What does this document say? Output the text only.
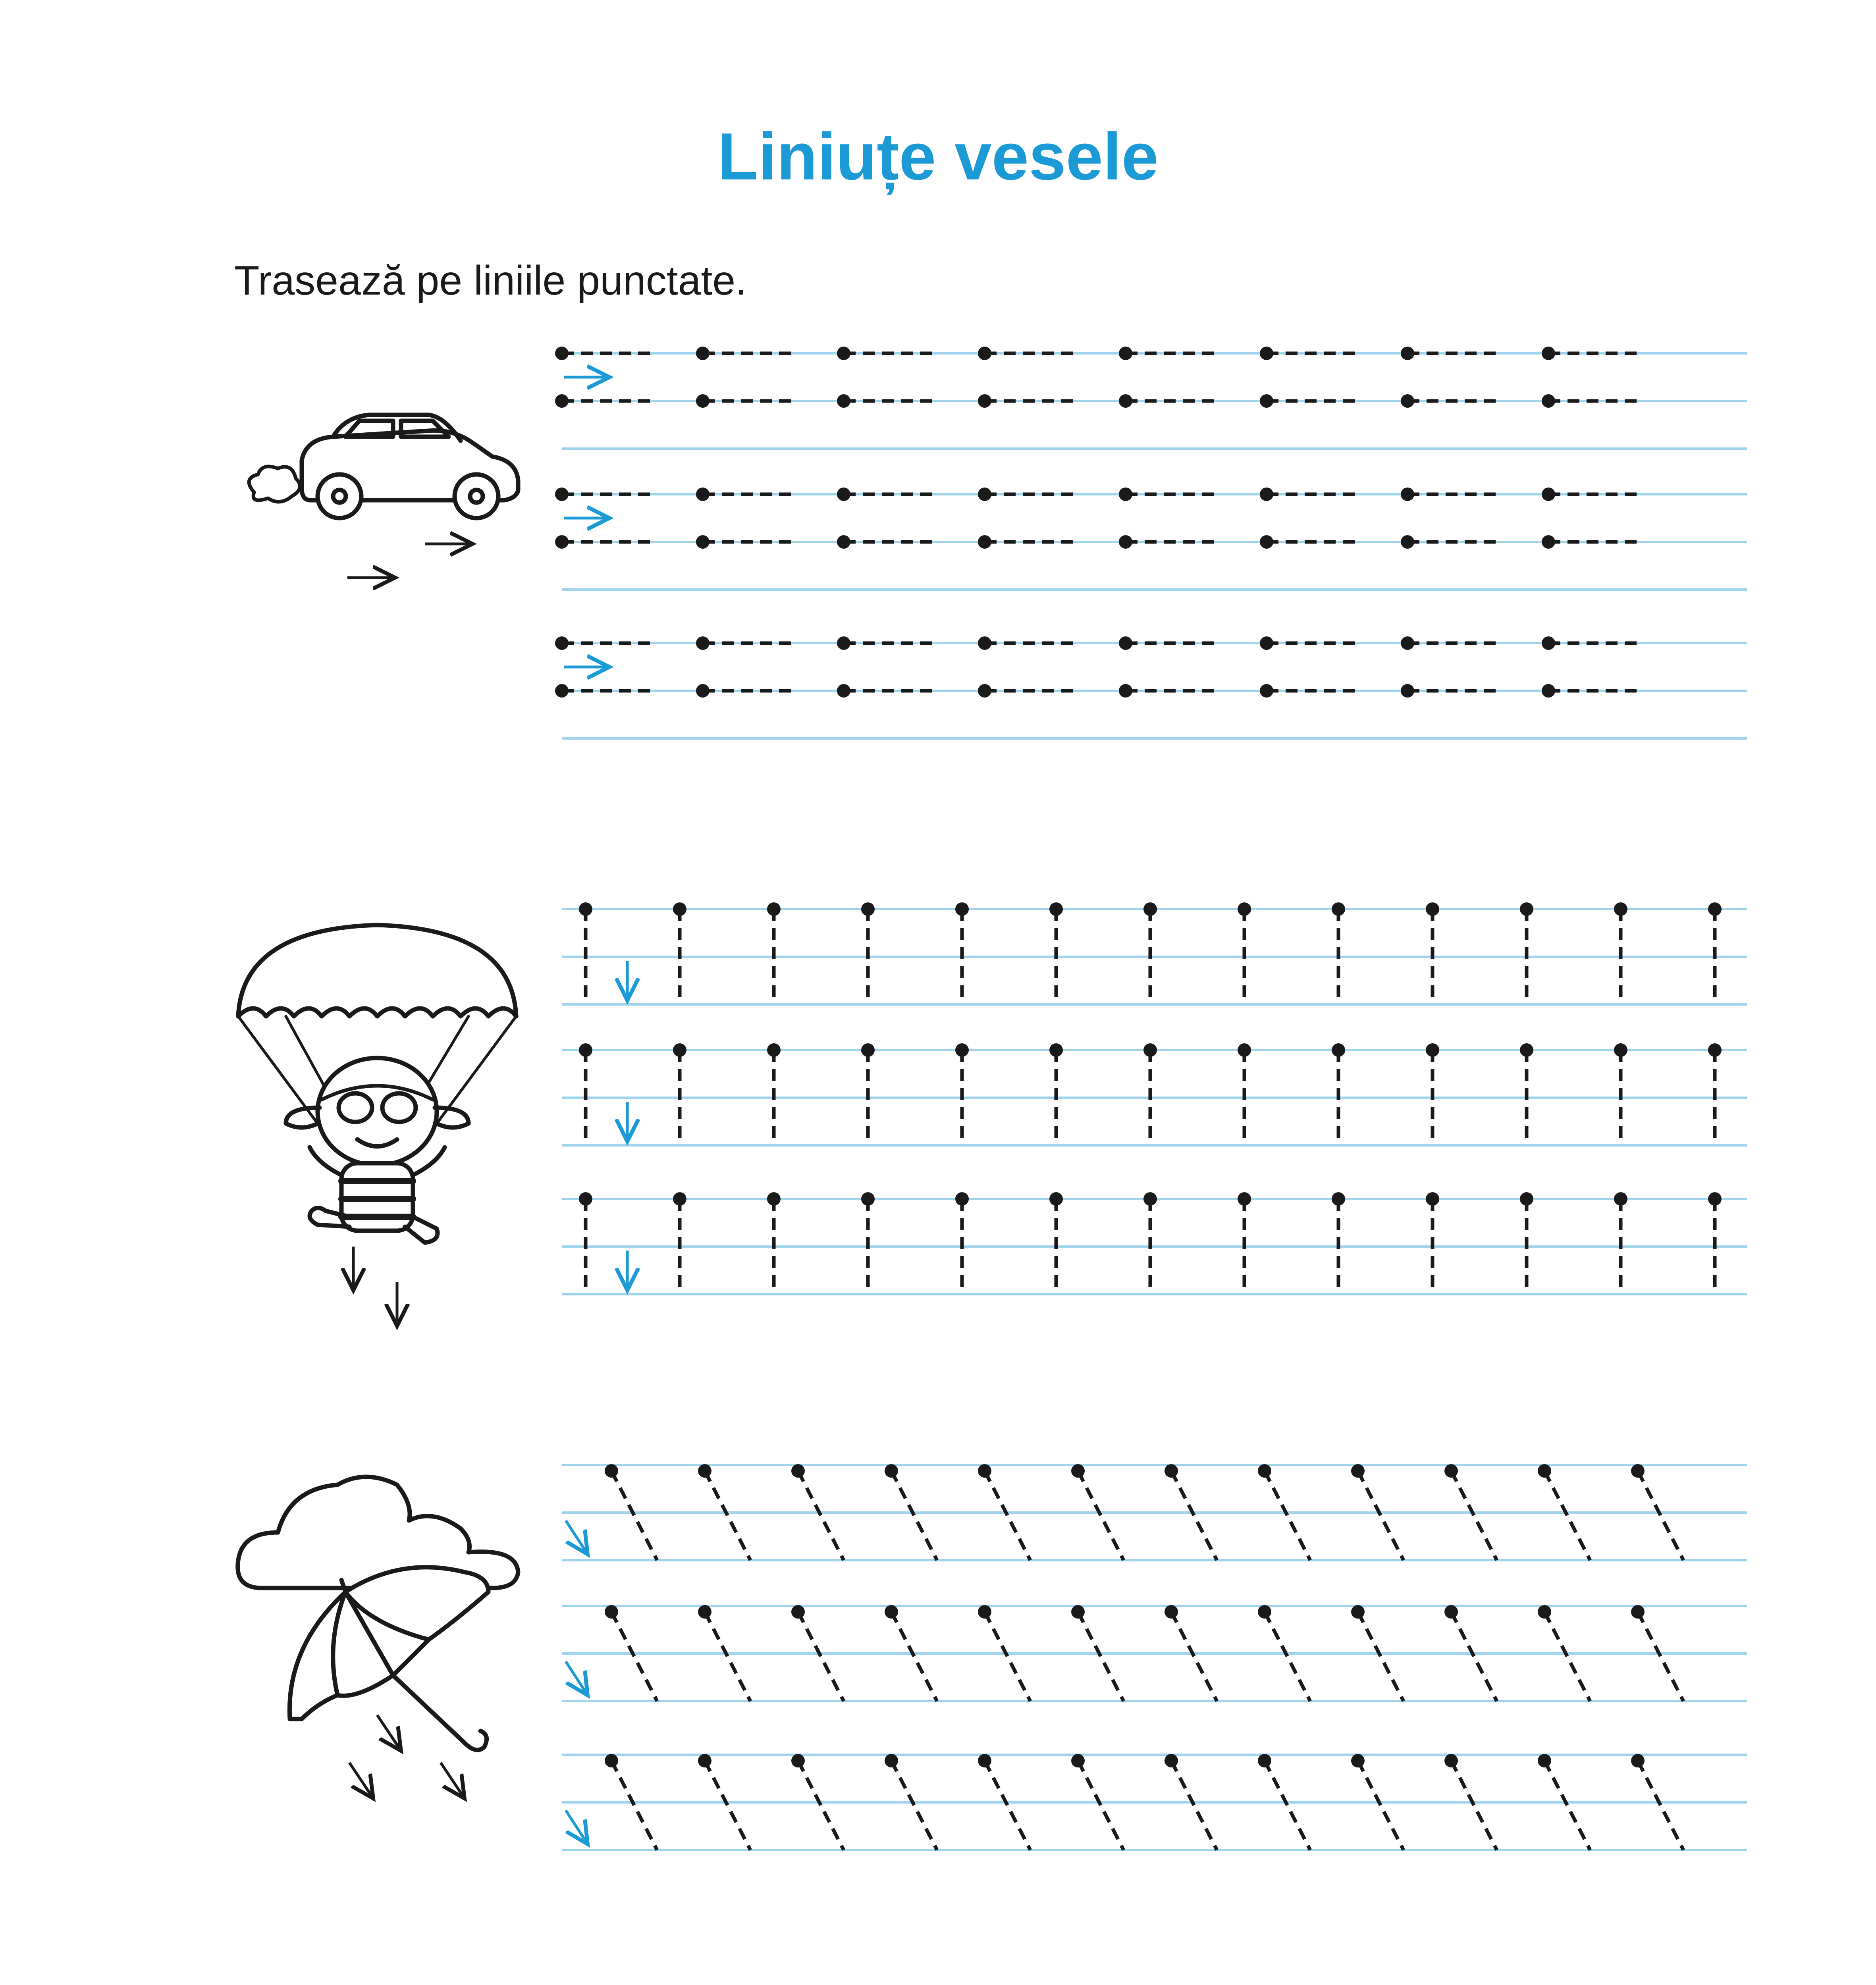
Liniuțe vesele
Trasează pe liniile punctate.
